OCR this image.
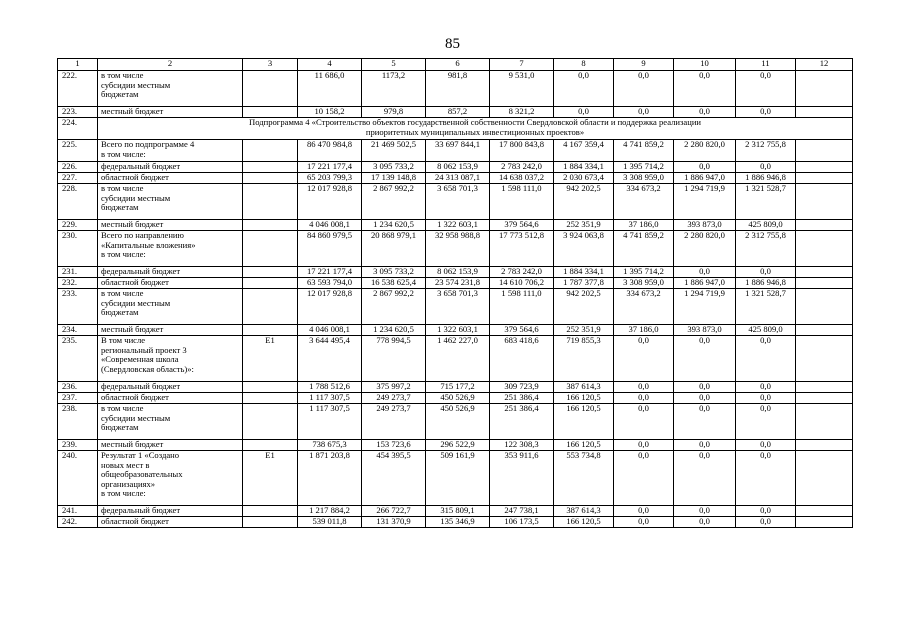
85
1	2	3	4	5	6	7	8	9	10	11	12
222.	в том числе
субсидии местным
бюджетам		11 686,0	1173,2	981,8	9 531,0	0,0	0,0	0,0	0,0	
223.	местный бюджет		10 158,2	979,8	857,2	8 321,2	0,0	0,0	0,0	0,0	
224.	Подпрограмма 4 «Строительство объектов государственной собственности Свердловской области и поддержка реализации
приоритетных муниципальных инвестиционных проектов»										
225.	Всего по подпрограмме 4
в том числе:		86 470 984,8	21 469 502,5	33 697 844,1	17 800 843,8	4 167 359,4	4 741 859,2	2 280 820,0	2 312 755,8	
226.	федеральный бюджет		17 221 177,4	3 095 733,2	8 062 153,9	2 783 242,0	1 884 334,1	1 395 714,2	0,0	0,0	
227.	областной бюджет		65 203 799,3	17 139 148,8	24 313 087,1	14 638 037,2	2 030 673,4	3 308 959,0	1 886 947,0	1 886 946,8	
228.	в том числе
субсидии местным
бюджетам		12 017 928,8	2 867 992,2	3 658 701,3	1 598 111,0	942 202,5	334 673,2	1 294 719,9	1 321 528,7	
229.	местный бюджет		4 046 008,1	1 234 620,5	1 322 603,1	379 564,6	252 351,9	37 186,0	393 873,0	425 809,0	
230.	Всего по направлению
«Капитальные вложения»
в том числе:		84 860 979,5	20 868 979,1	32 958 988,8	17 773 512,8	3 924 063,8	4 741 859,2	2 280 820,0	2 312 755,8	
231.	федеральный бюджет		17 221 177,4	3 095 733,2	8 062 153,9	2 783 242,0	1 884 334,1	1 395 714,2	0,0	0,0	
232.	областной бюджет		63 593 794,0	16 538 625,4	23 574 231,8	14 610 706,2	1 787 377,8	3 308 959,0	1 886 947,0	1 886 946,8	
233.	в том числе
субсидии местным
бюджетам		12 017 928,8	2 867 992,2	3 658 701,3	1 598 111,0	942 202,5	334 673,2	1 294 719,9	1 321 528,7	
234.	местный бюджет		4 046 008,1	1 234 620,5	1 322 603,1	379 564,6	252 351,9	37 186,0	393 873,0	425 809,0	
235.	В том числе
региональный проект 3
«Современная школа
(Свердловская область)»:	Е1	3 644 495,4	778 994,5	1 462 227,0	683 418,6	719 855,3	0,0	0,0	0,0	
236.	федеральный бюджет		1 788 512,6	375 997,2	715 177,2	309 723,9	387 614,3	0,0	0,0	0,0	
237.	областной бюджет		1 117 307,5	249 273,7	450 526,9	251 386,4	166 120,5	0,0	0,0	0,0	
238.	в том числе
субсидии местным
бюджетам		1 117 307,5	249 273,7	450 526,9	251 386,4	166 120,5	0,0	0,0	0,0	
239.	местный бюджет		738 675,3	153 723,6	296 522,9	122 308,3	166 120,5	0,0	0,0	0,0	
240.	Результат 1 «Создано
новых мест в
общеобразовательных
организациях»
в том числе:	Е1	1 871 203,8	454 395,5	509 161,9	353 911,6	553 734,8	0,0	0,0	0,0	
241.	федеральный бюджет		1 217 884,2	266 722,7	315 809,1	247 738,1	387 614,3	0,0	0,0	0,0	
242.	областной бюджет		539 011,8	131 370,9	135 346,9	106 173,5	166 120,5	0,0	0,0	0,0	
